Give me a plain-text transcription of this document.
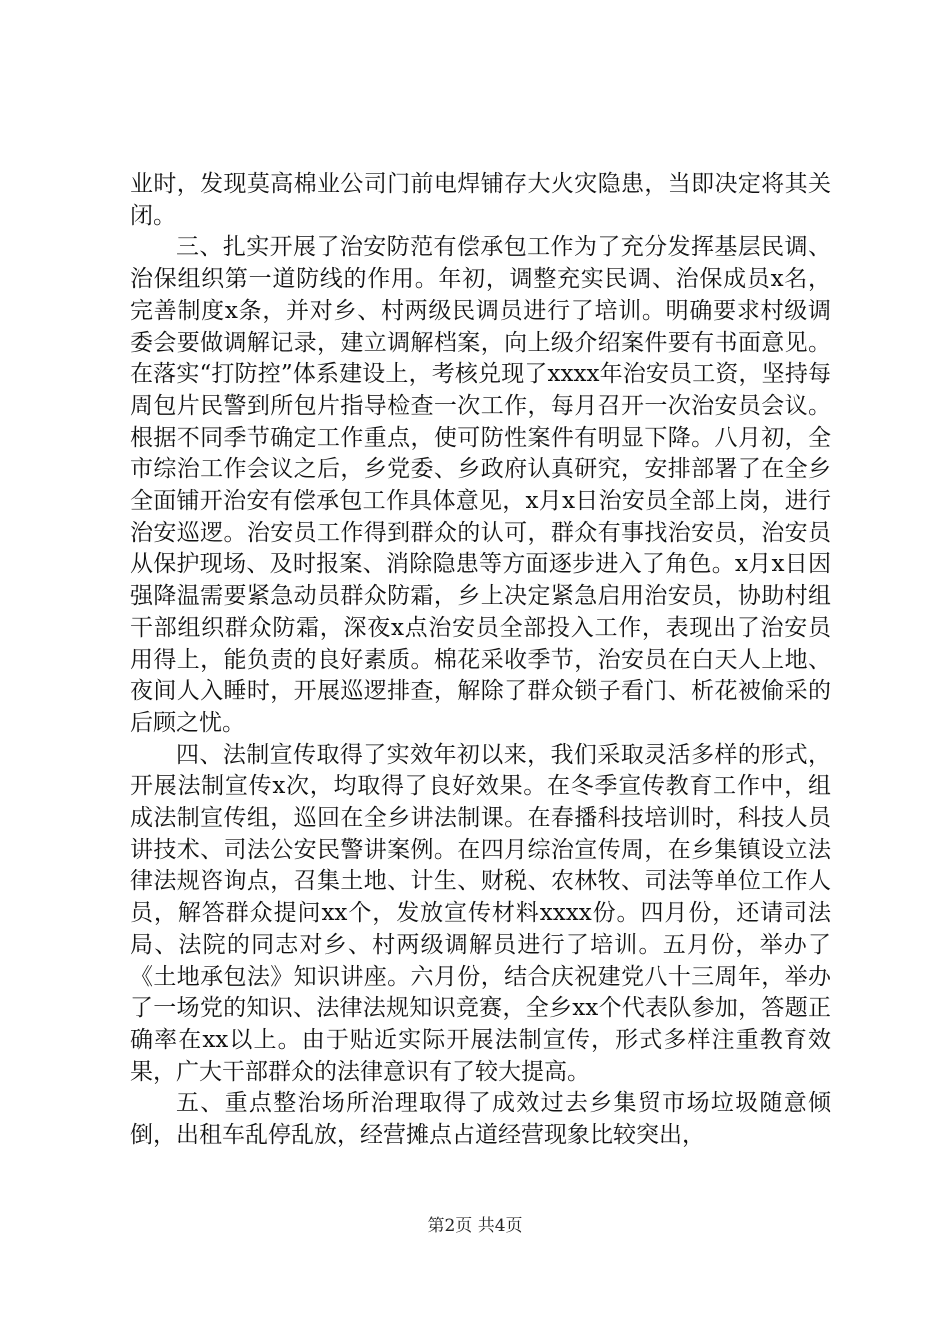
业时，发现莫高棉业公司门前电焊铺存大火灾隐患，当即决定将其关闭。

三、扎实开展了治安防范有偿承包工作为了充分发挥基层民调、治保组织第一道防线的作用。年初，调整充实民调、治保成员x名，完善制度x条，并对乡、村两级民调员进行了培训。明确要求村级调委会要做调解记录，建立调解档案，向上级介绍案件要有书面意见。在落实“打防控”体系建设上，考核兑现了xxxx年治安员工资，坚持每周包片民警到所包片指导检查一次工作，每月召开一次治安员会议。根据不同季节确定工作重点，使可防性案件有明显下降。八月初，全市综治工作会议之后，乡党委、乡政府认真研究，安排部署了在全乡全面铺开治安有偿承包工作具体意见，x月x日治安员全部上岗，进行治安巡逻。治安员工作得到群众的认可，群众有事找治安员，治安员从保护现场、及时报案、消除隐患等方面逐步进入了角色。x月x日因强降温需要紧急动员群众防霜，乡上决定紧急启用治安员，协助村组干部组织群众防霜，深夜x点治安员全部投入工作，表现出了治安员用得上，能负责的良好素质。棉花采收季节，治安员在白天人上地、夜间人入睡时，开展巡逻排查，解除了群众锁子看门、析花被偷采的后顾之忧。

四、法制宣传取得了实效年初以来，我们采取灵活多样的形式，开展法制宣传x次，均取得了良好效果。在冬季宣传教育工作中，组成法制宣传组，巡回在全乡讲法制课。在春播科技培训时，科技人员讲技术、司法公安民警讲案例。在四月综治宣传周，在乡集镇设立法律法规咨询点，召集土地、计生、财税、农林牧、司法等单位工作人员，解答群众提问xx个，发放宣传材料xxxx份。四月份，还请司法局、法院的同志对乡、村两级调解员进行了培训。五月份，举办了《土地承包法》知识讲座。六月份，结合庆祝建党八十三周年，举办了一场党的知识、法律法规知识竞赛，全乡xx个代表队参加，答题正确率在xx以上。由于贴近实际开展法制宣传，形式多样注重教育效果，广大干部群众的法律意识有了较大提高。

五、重点整治场所治理取得了成效过去乡集贸市场垃圾随意倾倒，出租车乱停乱放，经营摊点占道经营现象比较突出，

第2页 共4页
